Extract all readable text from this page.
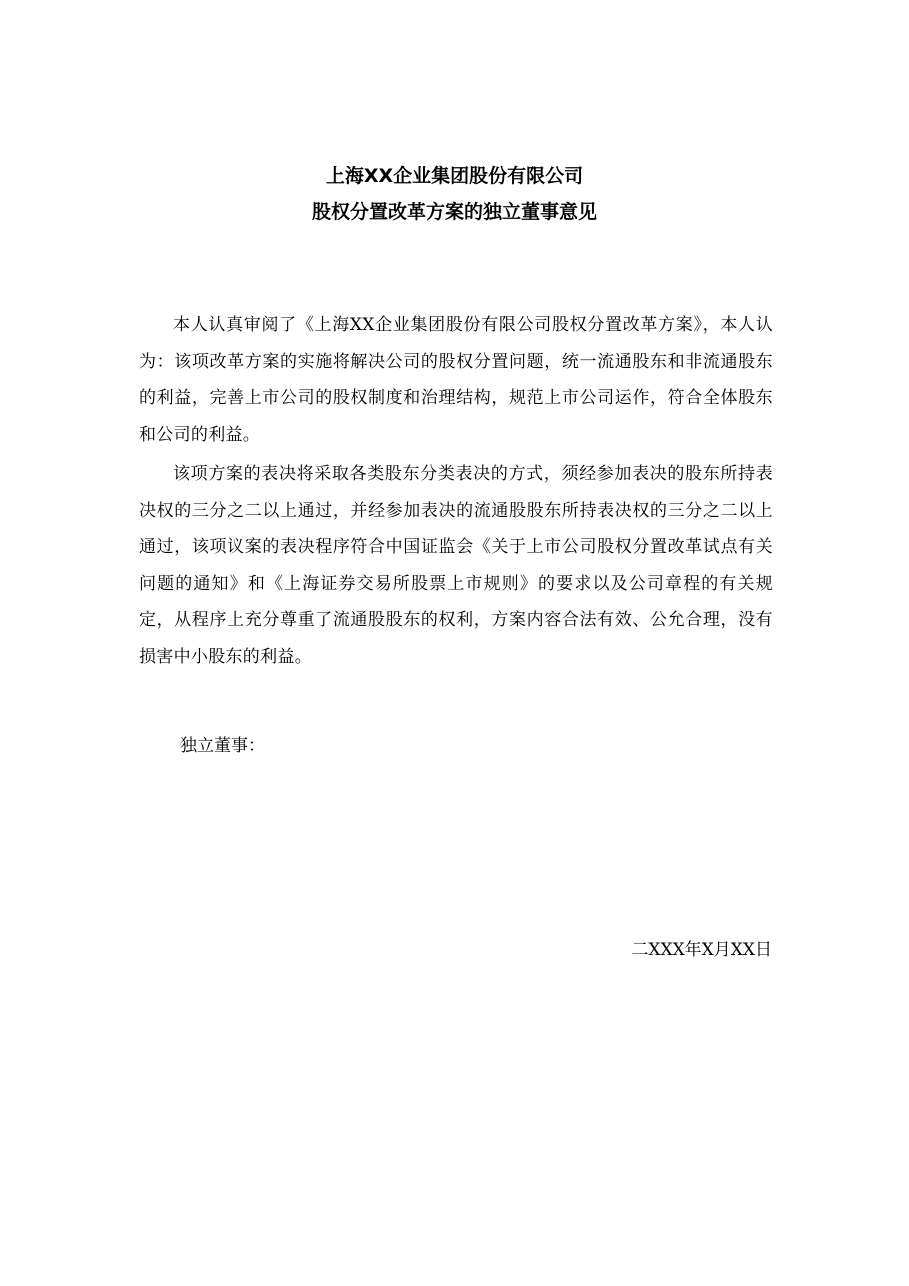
上海XX企业集团股份有限公司
股权分置改革方案的独立董事意见

本人认真审阅了《上海XX企业集团股份有限公司股权分置改革方案》，本人认为：该项改革方案的实施将解决公司的股权分置问题，统一流通股东和非流通股东的利益，完善上市公司的股权制度和治理结构，规范上市公司运作，符合全体股东和公司的利益。

该项方案的表决将采取各类股东分类表决的方式，须经参加表决的股东所持表决权的三分之二以上通过，并经参加表决的流通股股东所持表决权的三分之二以上通过，该项议案的表决程序符合中国证监会《关于上市公司股权分置改革试点有关问题的通知》和《上海证券交易所股票上市规则》的要求以及公司章程的有关规定，从程序上充分尊重了流通股股东的权利，方案内容合法有效、公允合理，没有损害中小股东的利益。

独立董事：
二XXX年X月XX日
